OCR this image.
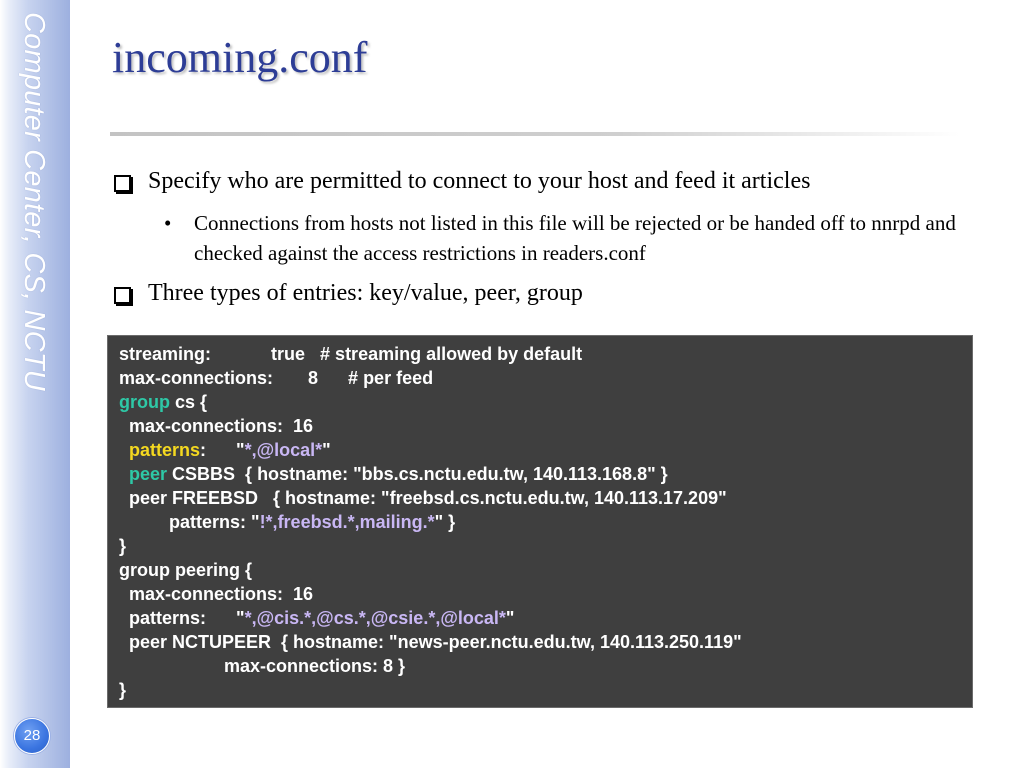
Computer Center, CS, NCTU
28
incoming.conf
Specify who are permitted to connect to your host and feed it articles
•	Connections from hosts not listed in this file will be rejected or be handed off to nnrpd and checked against the access restrictions in readers.conf
Three types of entries: key/value, peer, group
streaming:            true   # streaming allowed by default
max-connections:       8      # per feed
group cs {
max-connections:  16
patterns:      "*,@local*"
peer CSBBS  { hostname: "bbs.cs.nctu.edu.tw, 140.113.168.8" }
peer FREEBSD   { hostname: "freebsd.cs.nctu.edu.tw, 140.113.17.209"
patterns: "!*,freebsd.*,mailing.*" }
}
group peering {
max-connections:  16
patterns:      "*,@cis.*,@cs.*,@csie.*,@local*"
peer NCTUPEER  { hostname: "news-peer.nctu.edu.tw, 140.113.250.119"
max-connections: 8 }
}
